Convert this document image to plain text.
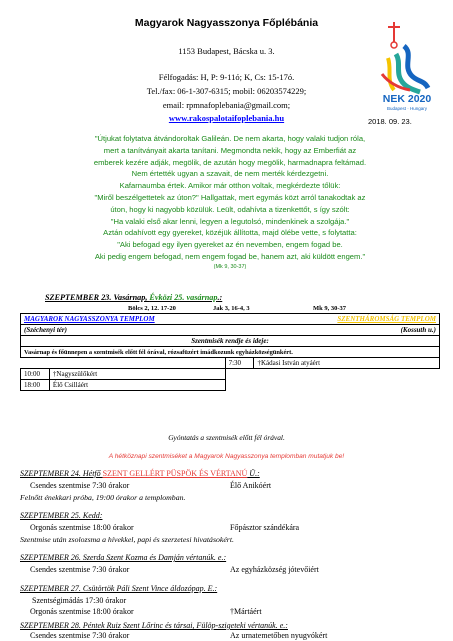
Magyarok Nagyasszonya Főplébánia
1153 Budapest, Bácska u. 3.
Félfogadás: H, P: 9-11ó; K, Cs: 15-17ó.
Tel./fax: 06-1-307-6315; mobil: 06203574229;
email: rpmnafoplebania@gmail.com;
www.rakospalotaifoplebania.hu
NEK 2020
Budapest · Hungary
2018. 09. 23.
"Útjukat folytatva átvándoroltak Galileán. De nem akarta, hogy valaki tudjon róla,
mert a tanítványait akarta tanítani. Megmondta nekik, hogy az Emberfiát az
emberek kezére adják, megölik, de azután hogy megölik, harmadnapra feltámad.
Nem értették ugyan a szavait, de nem merték kérdezgetni.
Kafarnaumba értek. Amikor már otthon voltak, megkérdezte tőlük:
"Miről beszélgettetek az úton?" Hallgattak, mert egymás közt arról tanakodtak az
úton, hogy ki nagyobb közülük. Leült, odahívta a tizenkettőt, s így szólt:
"Ha valaki első akar lenni, legyen a legutolsó, mindenkinek a szolgája."
Aztán odahívott egy gyereket, közéjük állította, majd ölébe vette, s folytatta:
"Aki befogad egy ilyen gyereket az én nevemben, engem fogad be.
Aki pedig engem befogad, nem engem fogad be, hanem azt, aki küldött engem."
(Mk 9, 30-37)
SZEPTEMBER 23. Vasárnap, Évközi 25. vasárnap.:
Bölcs 2, 12. 17-20	Jak 3, 16-4, 3	Mk 9, 30-37
MAGYAROK NAGYASSZONYA TEMPLOM		SZENTHÁROMSÁG TEMPLOM	
(Széchenyi tér)		(Kossuth u.)	
Szentmisék rendje és ideje:			
Vasárnap és főünnepen a szentmisék előtt fél órával, rózsafüzért imádkozunk egyházközségünkért.			
		7:30	†Kádasi István atyáért
10:00	†Nagyszülőkért		
18:00	Élő Csilláért		
Gyóntatás a szentmisék előtt fél órával.
A hétköznapi szentmiséket a Magyarok Nagyasszonya templomban mutatjuk be!
SZEPTEMBER 24. Hétfő SZENT GELLÉRT PÜSPÖK ÉS VÉRTANÚ Ü.:
Csendes szentmise 7:30 órakor	Élő Anikóért
Felnőtt énekkari próba, 19:00 órakor a templomban.
SZEPTEMBER 25. Kedd:
Orgonás szentmise 18:00 órakor	Főpásztor szándékára
Szentmise után zsolozsma a hívekkel, papi és szerzetesi hivatásokért.
SZEPTEMBER 26. Szerda Szent Kozma és Damján vértanúk. e.:
Csendes szentmise 7:30 órakor	Az egyházközség jótevőiért
SZEPTEMBER 27. Csütörtök Páli Szent Vince áldozópap. E.:
Szentségimádás 17:30 órakor
Orgonás szentmise 18:00 órakor	†Mártáért
SZEPTEMBER 28. Péntek Ruiz Szent Lőrinc és társai, Fülöp-szigeteki vértanúk. e.:
Csendes szentmise 7:30 órakor	Az urnatemetőben nyugvókért
